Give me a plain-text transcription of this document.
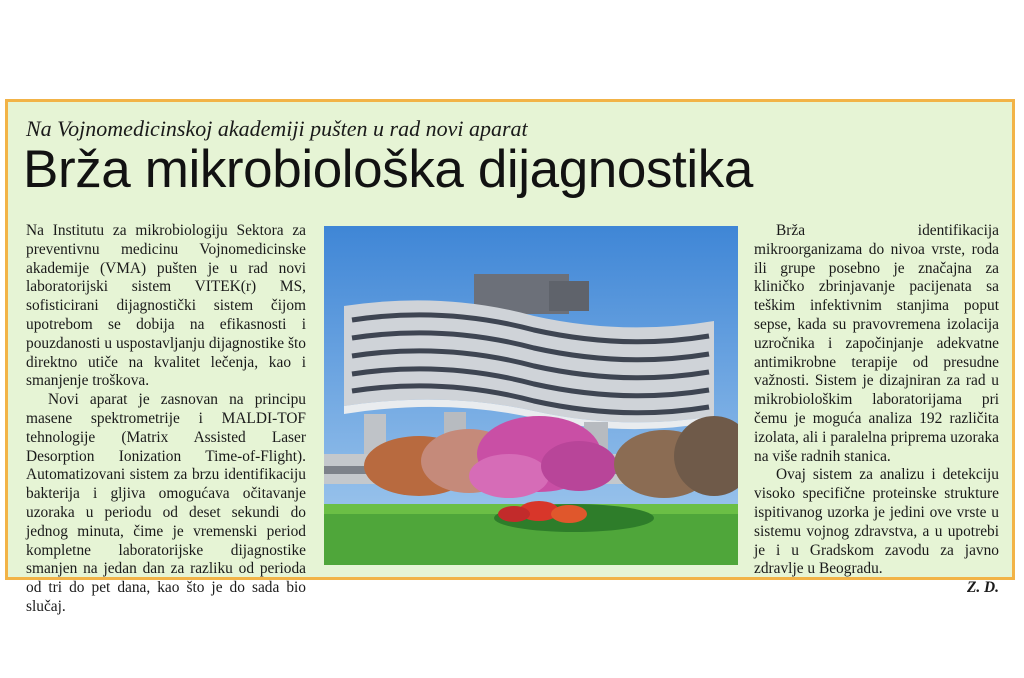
Na Vojnomedicinskoj akademiji pušten u rad novi aparat
Brža mikrobiološka dijagnostika

Na Institutu za mikrobiologiju Sektora za preventivnu medicinu Vojnomedicinske akademije (VMA) pušten je u rad novi laboratorijski sistem VITEK(r) MS, sofisticirani dijagnostički sistem čijom upotrebom se dobija na efikasnosti i pouzdanosti u uspostavljanju dijagnostike što direktno utiče na kvalitet lečenja, kao i smanjenje troškova.

Novi aparat je zasnovan na principu masene spektrometrije i MALDI-TOF tehnologije (Matrix Assisted Laser Desorption Ionization Time-of-Flight). Automatizovani sistem za brzu identifikaciju bakterija i gljiva omogućava očitavanje uzoraka u periodu od deset sekundi do jednog minuta, čime je vremenski period kompletne laboratorijske dijagnostike smanjen na jedan dan za razliku od perioda od tri do pet dana, kao što je do sada bio slučaj.

Brža identifikacija mikroorganizama do nivoa vrste, roda ili grupe posebno je značajna za kliničko zbrinjavanje pacijenata sa teškim infektivnim stanjima poput sepse, kada su pravovremena izolacija uzročnika i započinjanje adekvatne antimikrobne terapije od presudne važnosti. Sistem je dizajniran za rad u mikrobiološkim laboratorijama pri čemu je moguća analiza 192 različita izolata, ali i paralelna priprema uzoraka na više radnih stanica.

Ovaj sistem za analizu i detekciju visoko specifične proteinske strukture ispitivanog uzorka je jedini ove vrste u sistemu vojnog zdravstva, a u upotrebi je i u Gradskom zavodu za javno zdravlje u Beogradu.

Z. D.
